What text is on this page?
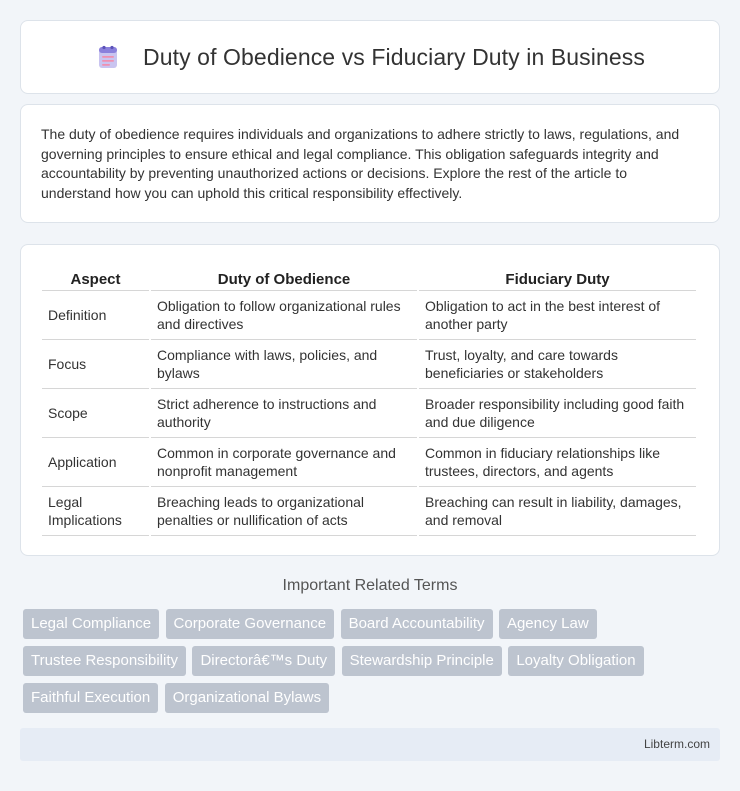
Duty of Obedience vs Fiduciary Duty in Business

The duty of obedience requires individuals and organizations to adhere strictly to laws, regulations, and governing principles to ensure ethical and legal compliance. This obligation safeguards integrity and accountability by preventing unauthorized actions or decisions. Explore the rest of the article to understand how you can uphold this critical responsibility effectively.

Aspect	Duty of Obedience	Fiduciary Duty
Definition	Obligation to follow organizational rules and directives	Obligation to act in the best interest of another party
Focus	Compliance with laws, policies, and bylaws	Trust, loyalty, and care towards beneficiaries or stakeholders
Scope	Strict adherence to instructions and authority	Broader responsibility including good faith and due diligence
Application	Common in corporate governance and nonprofit management	Common in fiduciary relationships like trustees, directors, and agents
Legal Implications	Breaching leads to organizational penalties or nullification of acts	Breaching can result in liability, damages, and removal
Important Related Terms
Legal Compliance Corporate Governance Board Accountability Agency Law
Trustee Responsibility Directorâ€™s Duty Stewardship Principle Loyalty Obligation
Faithful Execution Organizational Bylaws
Libterm.com
